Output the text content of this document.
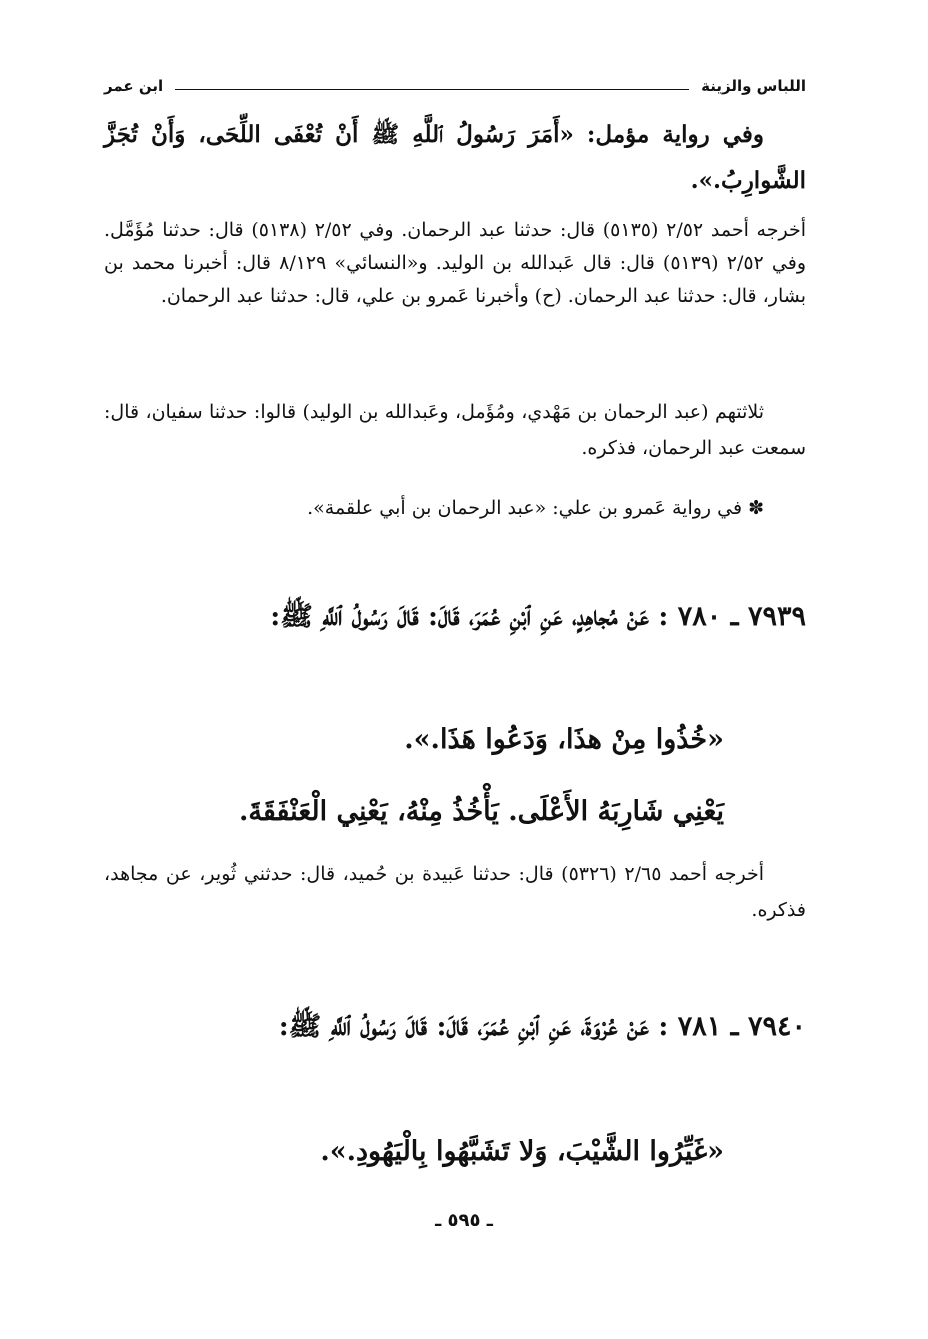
اللباس والزينة
ابن عمر

وفي رواية مؤمل: «أَمَرَ رَسُولُ ٱللَّهِ ﷺ أَنْ تُعْفَى اللِّحَى، وَأَنْ تُجَزَّ الشَّوارِبُ.».

أخرجه أحمد ٢/٥٢ (٥١٣٥) قال: حدثنا عبد الرحمان. وفي ٢/٥٢ (٥١٣٨) قال: حدثنا مُؤَمَّل. وفي ٢/٥٢ (٥١٣٩) قال: قال عَبدالله بن الوليد. و«النسائي» ٨/١٢٩ قال: أخبرنا محمد بن بشار، قال: حدثنا عبد الرحمان. (ح) وأخبرنا عَمرو بن علي، قال: حدثنا عبد الرحمان.

ثلاثتهم (عبد الرحمان بن مَهْدي، ومُؤَمل، وعَبدالله بن الوليد) قالوا: حدثنا سفيان، قال: سمعت عبد الرحمان، فذكره.

✽ في رواية عَمرو بن علي: «عبد الرحمان بن أبي علقمة».

٧٩٣٩ ـ ٧٨٠ : عَنْ مُجاهِدٍ، عَنِ ٱبْنِ عُمَرَ، قَالَ: قَالَ رَسُولُ ٱللَّهِ ﷺ:

«خُذُوا مِنْ هذَا، وَدَعُوا هَذَا.».
يَعْنِي شَارِبَهُ الأَعْلَى. يَأْخُذُ مِنْهُ، يَعْنِي الْعَنْفَقَةَ.

أخرجه أحمد ٢/٦٥ (٥٣٢٦) قال: حدثنا عَبيدة بن حُميد، قال: حدثني ثُوير، عن مجاهد، فذكره.

٧٩٤٠ ـ ٧٨١ : عَنْ عُرْوَةَ، عَنِ ٱبْنِ عُمَرَ، قَالَ: قَالَ رَسُولُ ٱللَّهِ ﷺ:

«غَيِّرُوا الشَّيْبَ، وَلا تَشَبَّهُوا بِالْيَهُودِ.».
ـ ٥٩٥ ـ
